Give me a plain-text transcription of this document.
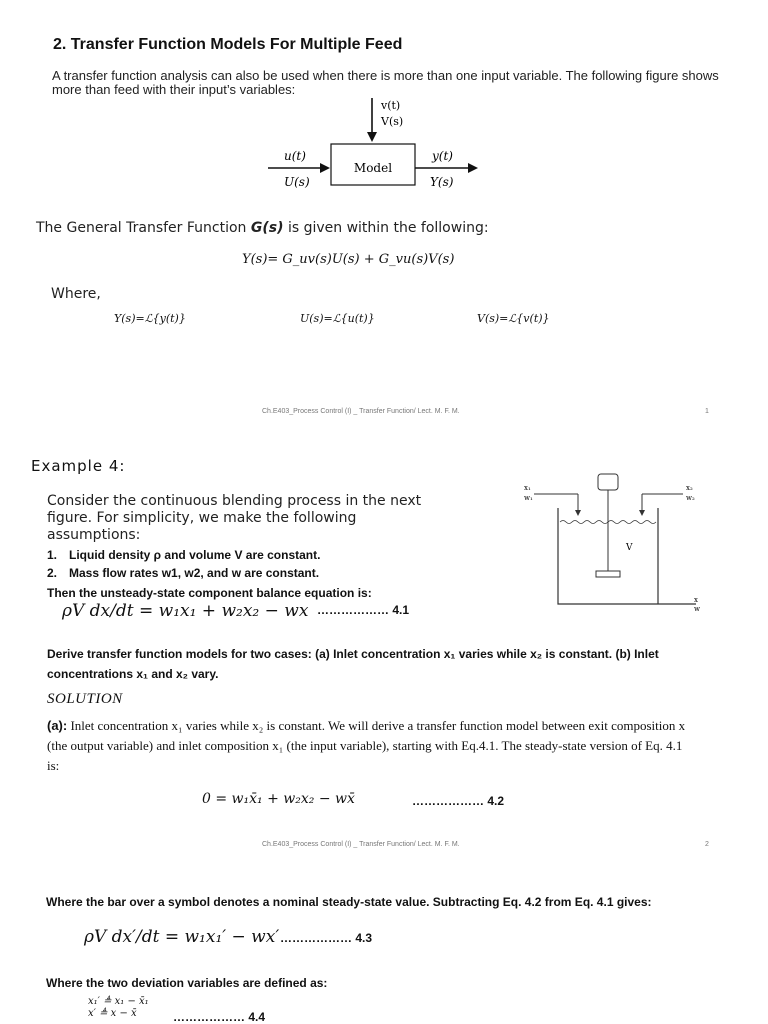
2. Transfer Function Models For Multiple Feed
A transfer function analysis can also be used when there is more than one input variable. The following figure shows more than feed with their input’s variables:
v(t)
V(s)
Model
u(t)
U(s)
y(t)
Y(s)
The General Transfer Function G(s) is given within the following:
Y(s)= G_uv(s)U(s) + G_vu(s)V(s)
Where,
Y(s)=ℒ{y(t)}	U(s)=ℒ{u(t)}	V(s)=ℒ{v(t)}
Ch.E403_Process Control (I) _ Transfer Function/ Lect. M. F. M.	1
Example 4:
Consider the continuous blending process in the next figure. For simplicity, we make the following assumptions:
1. Liquid density ρ and volume V are constant.
2. Mass flow rates w1, w2, and w are constant.
Then the unsteady-state component balance equation is:
ρV dx/dt = w₁x₁ + w₂x₂ − wx ……………… 4.1
x₁
w₁
x₂
w₂
V
x
w
Derive transfer function models for two cases: (a) Inlet concentration x₁ varies while x₂ is constant. (b) Inlet concentrations x₁ and x₂ vary.
SOLUTION
(a): Inlet concentration x₁ varies while x₂ is constant. We will derive a transfer function model between exit composition x (the output variable) and inlet composition x₁ (the input variable), starting with Eq.4.1. The steady-state version of Eq. 4.1 is:
0 = w₁x̄₁ + w₂x₂ − wx̄	……………… 4.2
Ch.E403_Process Control (I) _ Transfer Function/ Lect. M. F. M.	2
Where the bar over a symbol denotes a nominal steady-state value. Subtracting Eq. 4.2 from Eq. 4.1 gives:
ρV dx′/dt = w₁x₁′ − wx′ ……………… 4.3
Where the two deviation variables are defined as:
x₁′ ≜ x₁ − x̄₁
x′ ≜ x − x̄	……………… 4.4
